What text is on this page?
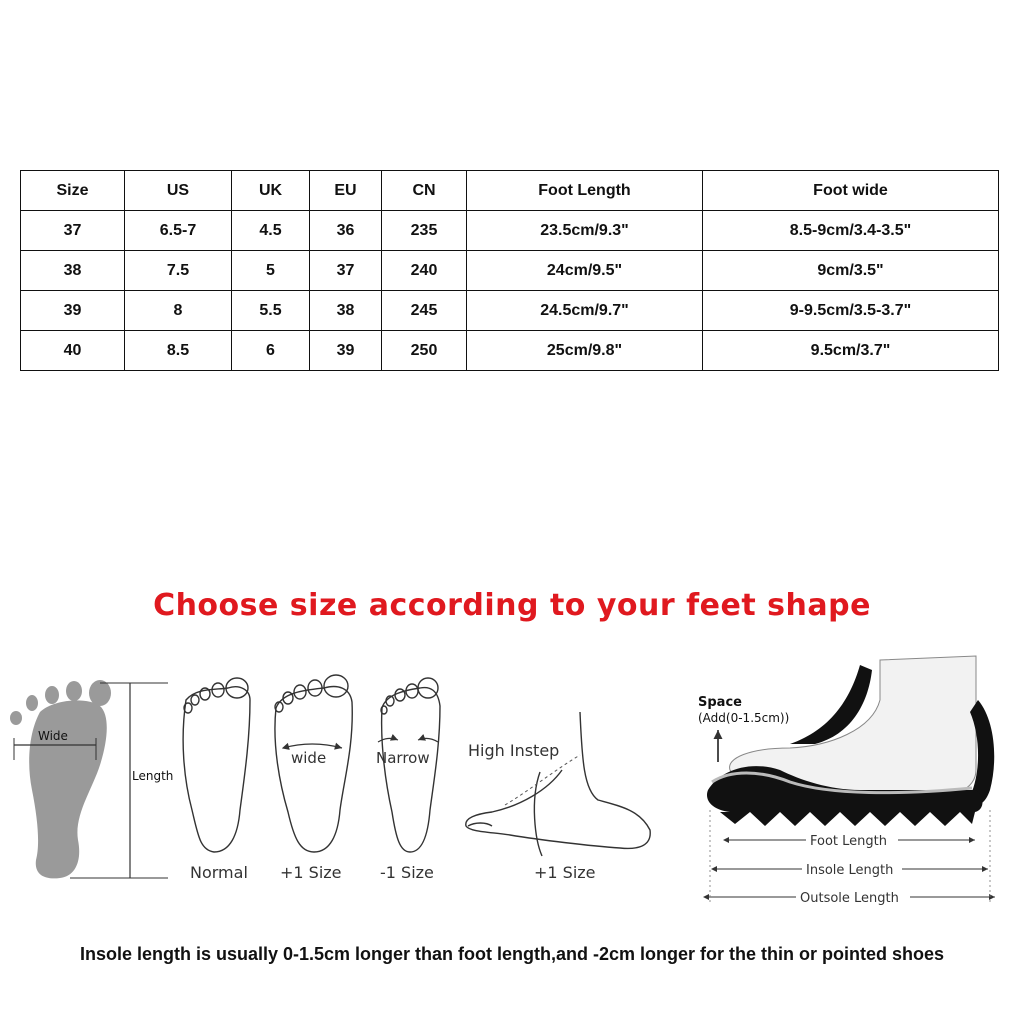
Size	US	UK	EU	CN	Foot Length	Foot wide
37	6.5-7	4.5	36	235	23.5cm/9.3"	8.5-9cm/3.4-3.5"
38	7.5	5	37	240	24cm/9.5"	9cm/3.5"
39	8	5.5	38	245	24.5cm/9.7"	9-9.5cm/3.5-3.7"
40	8.5	6	39	250	25cm/9.8"	9.5cm/3.7"
Choose size according to your feet shape
Wide
Length
Normal
wide
+1 Size
Narrow
-1 Size
High Instep
+1 Size
Space
(Add(0-1.5cm))
Foot Length
Insole Length
Outsole Length
Insole length is usually 0-1.5cm longer than foot length,and -2cm longer for the thin or pointed shoes
